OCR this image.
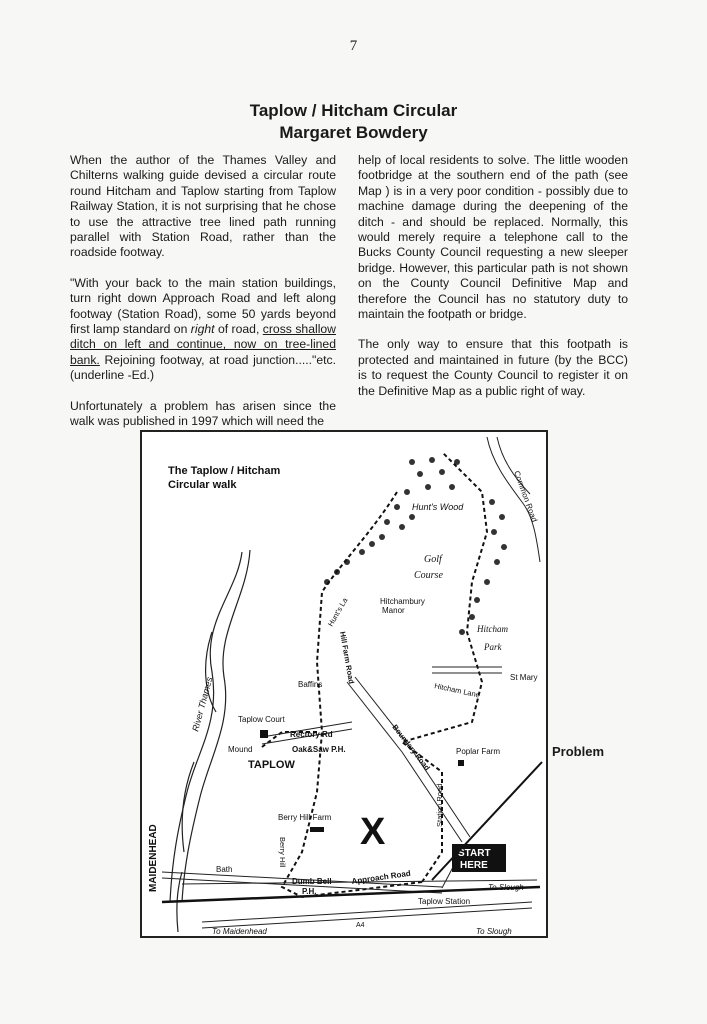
7
Taplow / Hitcham Circular
Margaret Bowdery

When the author of the Thames Valley and Chilterns walking guide devised a circular route round Hitcham and Taplow starting from Taplow Railway Station, it is not surprising that he chose to use the attractive tree lined path running parallel with Station Road, rather than the roadside footway.

"With your back to the main station buildings, turn right down Approach Road and left along footway (Station Road), some 50 yards beyond first lamp standard on right of road, cross shallow ditch on left and continue, now on tree-lined bank. Rejoining footway, at road junction....."etc. (underline -Ed.)

Unfortunately a problem has arisen since the walk was published in 1997 which will need the

help of local residents to solve. The little wooden footbridge at the southern end of the path (see Map ) is in a very poor condition - possibly due to machine damage during the deepening of the ditch - and should be replaced. Normally, this would merely require a telephone call to the Bucks County Council requesting a new sleeper bridge. However, this particular path is not shown on the County Council Definitive Map and therefore the Council has no statutory duty to maintain the footpath or bridge.

The only way to ensure that this footpath is protected and maintained in future (by the BCC) is to request the County Council to register it on the Definitive Map as a public right of way.

The Taplow / Hitcham
Circular walk
River Thames
Hunt's Wood
Golf
Course
Common Road
Hitchambury
Manor
Hitcham
Park
St Mary
Hitcham Lane
Hunt's La
Hill Farm Road
Baffins
Taplow Court
Rectory Rd
Mound	Oak&Saw P.H.
TAPLOW	Boundary Road	Poplar Farm
Berry Hill Farm
Berry Hill
Station Road
MAIDENHEAD	Bath
Dumb Bell
P.H.
Approach Road
To Slough
Taplow Station
A4
To Maidenhead	To Slough
X
START
HERE
Problem
